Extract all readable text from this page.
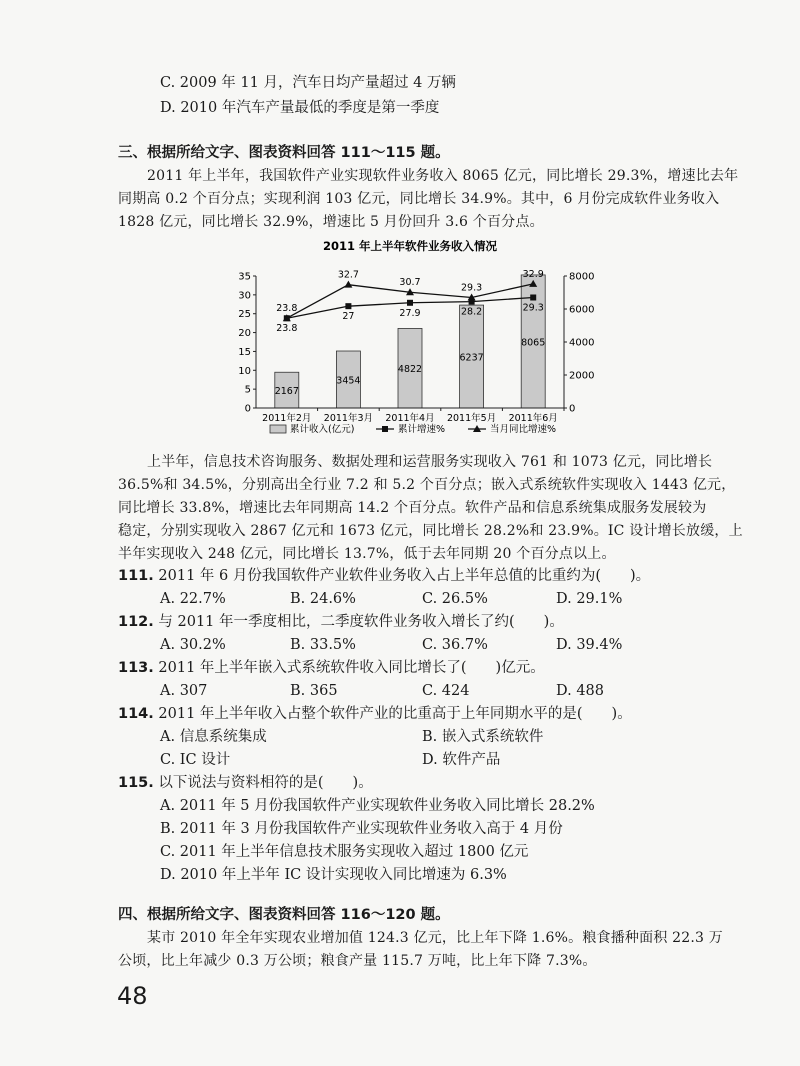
C. 2009 年 11 月，汽车日均产量超过 4 万辆
D. 2010 年汽车产量最低的季度是第一季度
三、根据所给文字、图表资料回答 111～115 题。
2011 年上半年，我国软件产业实现软件业务收入 8065 亿元，同比增长 29.3%，增速比去年
同期高 0.2 个百分点；实现利润 103 亿元，同比增长 34.9%。其中，6 月份完成软件业务收入
1828 亿元，同比增长 32.9%，增速比 5 月份回升 3.6 个百分点。
2011 年上半年软件业务收入情况
2167
3454
4822
6237
8065
23.8
27	27.9	28.2	29.3
23.8
32.7
30.7	29.3
32.9
0
5
10
15
20
25
30
35
0
2000
4000
6000
8000
2011年2月 2011年3月 2011年4月 2011年5月 2011年6月
累计收入(亿元)	累计增速%	当月同比增速%
上半年，信息技术咨询服务、数据处理和运营服务实现收入 761 和 1073 亿元，同比增长
36.5%和 34.5%，分别高出全行业 7.2 和 5.2 个百分点；嵌入式系统软件实现收入 1443 亿元，
同比增长 33.8%，增速比去年同期高 14.2 个百分点。软件产品和信息系统集成服务发展较为
稳定，分别实现收入 2867 亿元和 1673 亿元，同比增长 28.2%和 23.9%。IC 设计增长放缓，上
半年实现收入 248 亿元，同比增长 13.7%，低于去年同期 20 个百分点以上。
111. 2011 年 6 月份我国软件产业软件业务收入占上半年总值的比重约为(　　)。
A. 22.7%	B. 24.6%	C. 26.5%	D. 29.1%
112. 与 2011 年一季度相比，二季度软件业务收入增长了约(　　)。
A. 30.2%	B. 33.5%	C. 36.7%	D. 39.4%
113. 2011 年上半年嵌入式系统软件收入同比增长了(　　)亿元。
A. 307	B. 365	C. 424	D. 488
114. 2011 年上半年收入占整个软件产业的比重高于上年同期水平的是(　　)。
A. 信息系统集成	B. 嵌入式系统软件
C. IC 设计	D. 软件产品
115. 以下说法与资料相符的是(　　)。
A. 2011 年 5 月份我国软件产业实现软件业务收入同比增长 28.2%
B. 2011 年 3 月份我国软件产业实现软件业务收入高于 4 月份
C. 2011 年上半年信息技术服务实现收入超过 1800 亿元
D. 2010 年上半年 IC 设计实现收入同比增速为 6.3%
四、根据所给文字、图表资料回答 116～120 题。
某市 2010 年全年实现农业增加值 124.3 亿元，比上年下降 1.6%。粮食播种面积 22.3 万
公顷，比上年减少 0.3 万公顷；粮食产量 115.7 万吨，比上年下降 7.3%。
48
